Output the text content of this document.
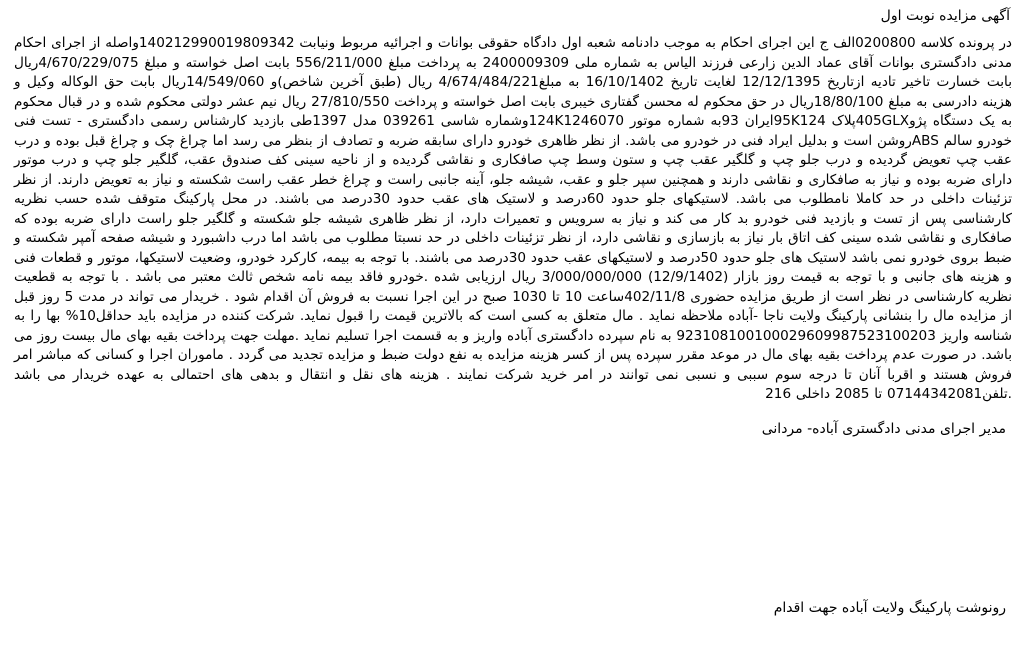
آگهی مزایده نوبت اول

در پرونده کلاسه 0200800الف ج این اجرای احکام به موجب دادنامه شعبه اول دادگاه حقوقی بوانات و اجرائیه مربوط ونیابت 140212990019809342واصله از اجرای احکام مدنی دادگستری بوانات آقای عماد الدین زارعی فرزند الیاس به شماره ملی 2400009309 به پرداخت مبلغ 556/211/000 بابت اصل خواسته و مبلغ 4/670/229/075ریال بابت خسارت تاخیر تادیه ازتاریخ 12/12/1395 لغایت تاریخ 16/10/1402 به مبلغ4/674/484/221 ریال (طبق آخرین شاخص)و 14/549/060ریال بابت حق الوکاله وکیل و هزینه دادرسی به مبلغ 18/80/100ریال در حق محکوم له محسن گفتاری خیبری بابت اصل خواسته و پرداخت 27/810/550 ریال نیم عشر دولتی محکوم شده و در قبال محکوم به یک دستگاه پژو405GLXپلاک 95K124ایران 93به شماره موتور 124K1246070وشماره شاسی 039261 مدل 1397طی بازدید کارشناس رسمی دادگستری - تست فنی خودرو سالم ABSروشن است و بدلیل ایراد فنی در خودرو می باشد. از نظر ظاهری خودرو دارای سابقه ضربه و تصادف از بنظر می رسد اما چراغ چک و چراغ قبل بوده و درب عقب چپ تعویض گردیده و درب جلو چپ و گلگیر عقب چپ و ستون وسط چپ صافکاری و نقاشی گردیده و از ناحیه سینی کف صندوق عقب، گلگیر جلو چپ و درب موتور دارای ضربه بوده و نیاز به صافکاری و نقاشی دارند و همچنین سپر جلو و عقب، شیشه جلو، آینه جانبی راست و چراغ خطر عقب راست شکسته و نیاز به تعویض دارند. از نظر تزئینات داخلی در حد کاملا نامطلوب می باشد. لاستیکهای جلو حدود 60درصد و لاستیک های عقب حدود 30درصد می باشند. در محل پارکینگ متوقف شده حسب نظریه کارشناسی پس از تست و بازدید فنی خودرو بد کار می کند و نیاز به سرویس و تعمیرات دارد، از نظر ظاهری شیشه جلو شکسته و گلگیر جلو راست دارای ضربه بوده که صافکاری و نقاشی شده سینی کف اتاق بار نیاز به بازسازی و نقاشی دارد، از نظر تزئینات داخلی در حد نسبتا مطلوب می باشد اما درب داشبورد و شیشه صفحه آمپر شکسته و ضبط بروی خودرو نمی باشد لاستیک های جلو حدود 50درصد و لاستیکهای عقب حدود 30درصد می باشند. با توجه به بیمه، کارکرد خودرو، وضعیت لاستیکها، موتور و قطعات فنی و هزینه های جانبی و با توجه به قیمت روز بازار (12/9/1402) 3/000/000/000 ریال ارزیابی شده .خودرو فاقد بیمه نامه شخص ثالث معتبر می باشد . با توجه به قطعیت نظریه کارشناسی در نظر است از طریق مزایده حضوری 402/11/8ساعت 10 تا 1030 صبح در این اجرا نسبت به فروش آن اقدام شود . خریدار می تواند در مدت 5 روز قبل از مزایده مال را بنشانی پارکینگ ولایت ناجا -آباده ملاحظه نماید . مال متعلق به کسی است که بالاترین قیمت را قبول نماید. شرکت کننده در مزایده باید حداقل10% بها را به شناسه واریز 923108100100029609987523100203 به نام سپرده دادگستری آباده واریز و به قسمت اجرا تسلیم نماید .مهلت جهت پرداخت بقیه بهای مال بیست روز می باشد. در صورت عدم پرداخت بقیه بهای مال در موعد مقرر سپرده پس از کسر هزینه مزایده به نفع دولت ضبط و مزایده تجدید می گردد . ماموران اجرا و کسانی که مباشر امر فروش هستند و اقربا آنان تا درجه سوم سببی و نسبی نمی توانند در امر خرید شرکت نمایند . هزینه های نقل و انتقال و بدهی های احتمالی به عهده خریدار می باشد .تلفن07144342081 تا 2085 داخلی 216

مدیر اجرای مدنی دادگستری آباده- مردانی
رونوشت پارکینگ ولایت آباده جهت اقدام
